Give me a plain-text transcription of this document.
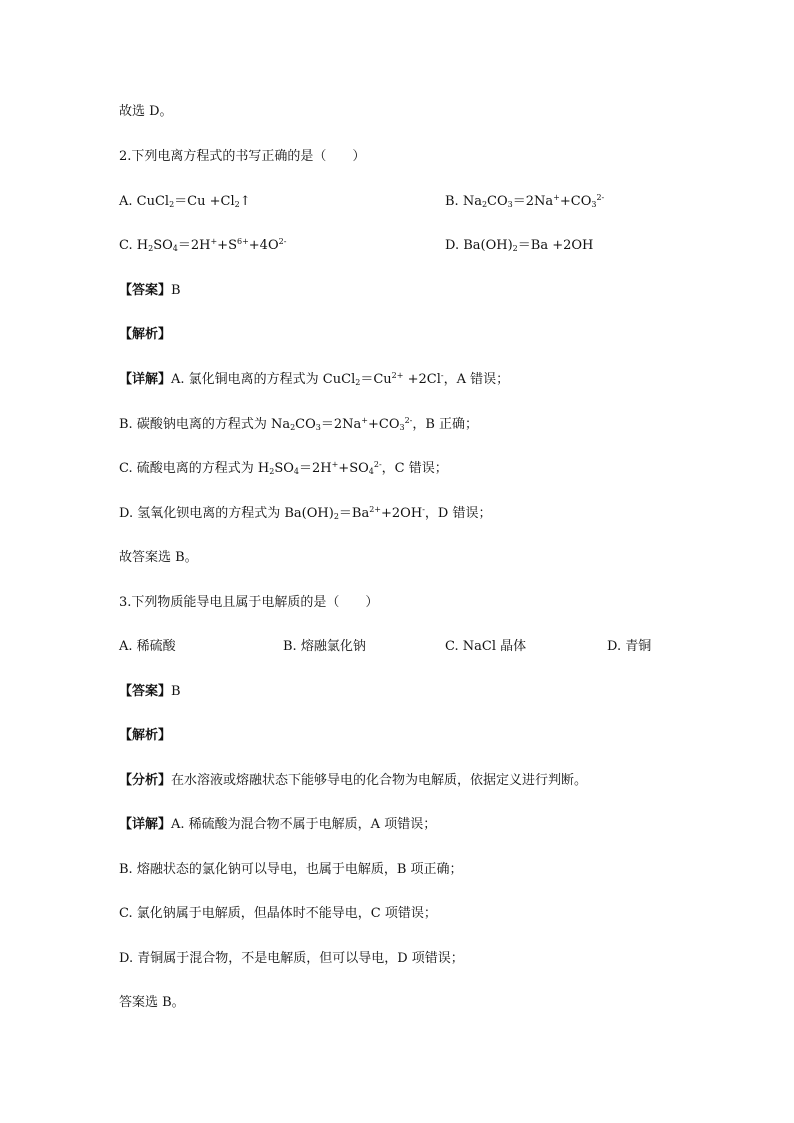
故选 D。
2.下列电离方程式的书写正确的是（　　）
A. CuCl$_2$＝Cu $+Cl_2↑$	B. $Na_2CO_3=2Na^++CO_3^{2-}$
C. $H_2SO_4=2H^++S^{6+}+4O^{2-}$	D. $Ba(OH)_2=Ba +2OH$
【答案】B
【解析】
【详解】A. 氯化铜电离的方程式为 $CuCl_2=Cu^{2+} +2Cl^-$，A 错误；
B. 碳酸钠电离的方程式为 $Na_2CO_3=2Na^++CO_3^{2-}$，B 正确；
C. 硫酸电离的方程式为 $H_2SO_4=2H^++SO_4^{2-}$，C 错误；
D. 氢氧化钡电离的方程式为 $Ba(OH)_2=Ba^{2+}+2OH^-$，D 错误；
故答案选 B。
3.下列物质能导电且属于电解质的是（　　）
A. 稀硫酸	B. 熔融氯化钠	C. NaCl 晶体	D. 青铜
【答案】B
【解析】
【分析】在水溶液或熔融状态下能够导电的化合物为电解质，依据定义进行判断。
【详解】A. 稀硫酸为混合物不属于电解质，A 项错误；
B. 熔融状态的氯化钠可以导电，也属于电解质，B 项正确；
C. 氯化钠属于电解质，但晶体时不能导电，C 项错误；
D. 青铜属于混合物，不是电解质，但可以导电，D 项错误；
答案选 B。
